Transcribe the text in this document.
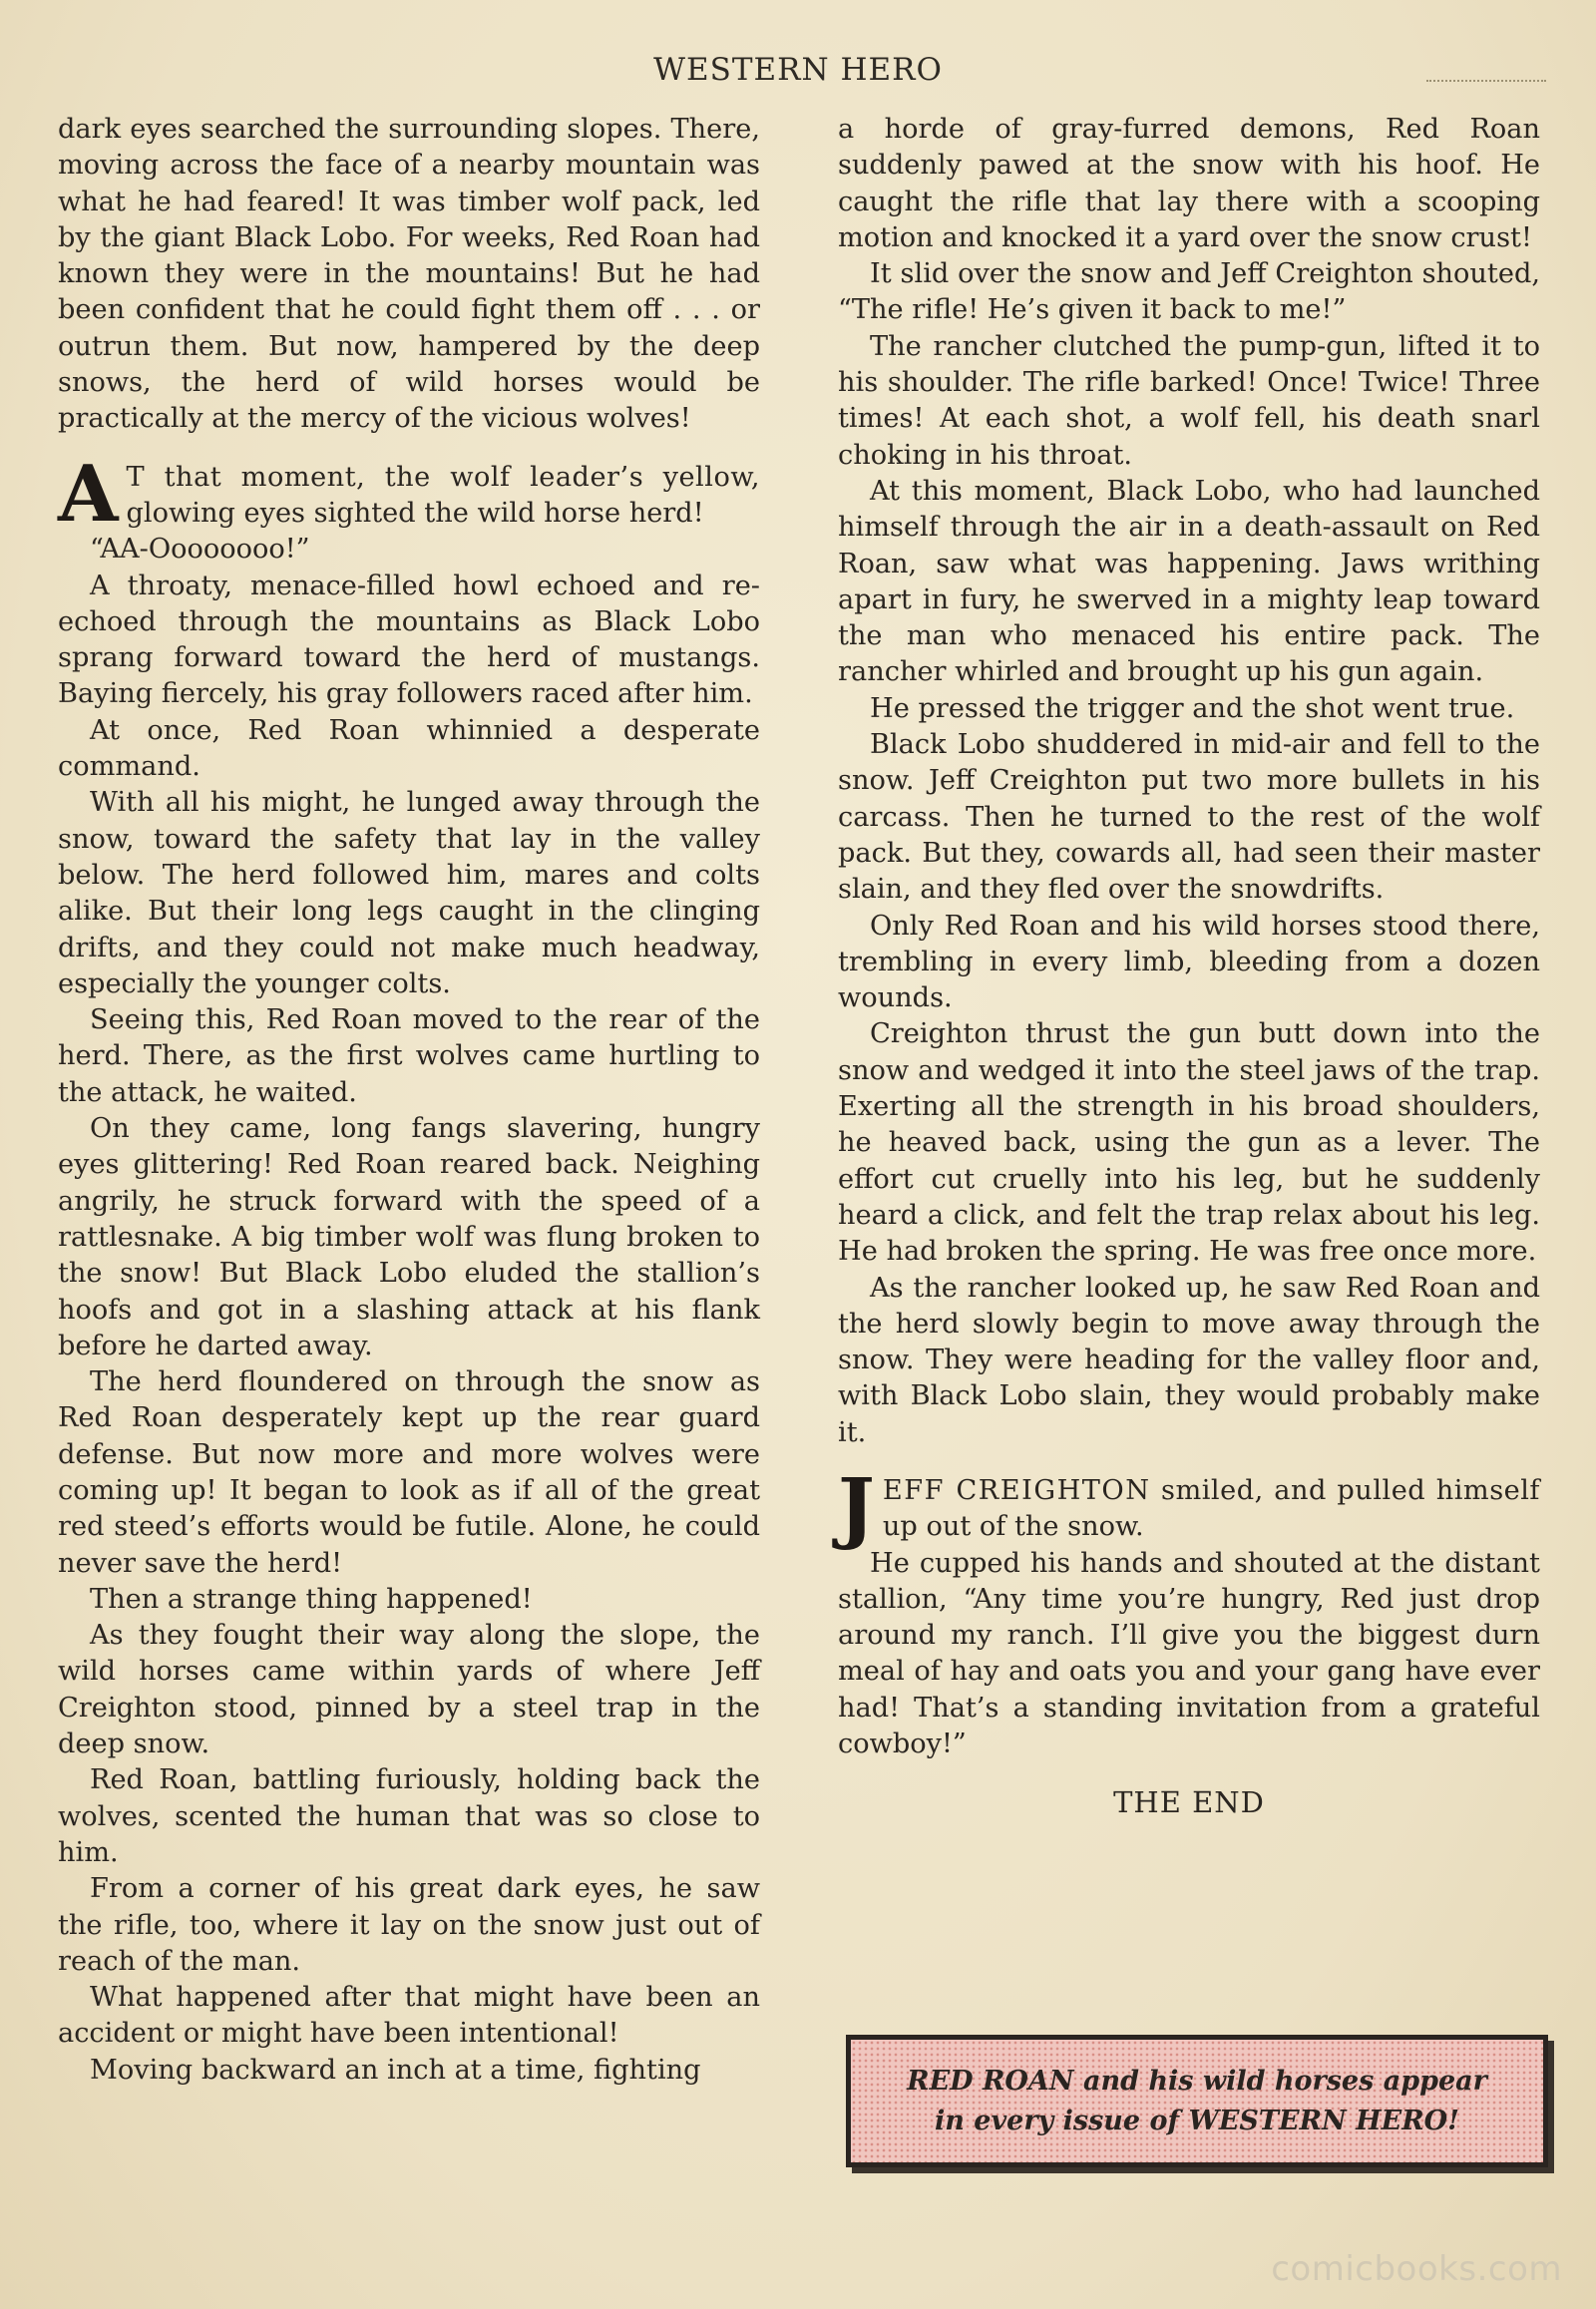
WESTERN HERO

dark eyes searched the surrounding slopes. There, moving across the face of a nearby mountain was what he had feared! It was timber wolf pack, led by the giant Black Lobo. For weeks, Red Roan had known they were in the mountains! But he had been confident that he could fight them off . . . or outrun them. But now, hampered by the deep snows, the herd of wild horses would be practically at the mercy of the vicious wolves!

A T that moment, the wolf leader’s yellow, glowing eyes sighted the wild horse herd!

“AA-Oooooooo!”

A throaty, menace-filled howl echoed and re-echoed through the mountains as Black Lobo sprang forward toward the herd of mustangs. Baying fiercely, his gray followers raced after him.

At once, Red Roan whinnied a desperate command.

With all his might, he lunged away through the snow, toward the safety that lay in the valley below. The herd followed him, mares and colts alike. But their long legs caught in the clinging drifts, and they could not make much headway, especially the younger colts.

Seeing this, Red Roan moved to the rear of the herd. There, as the first wolves came hurtling to the attack, he waited.

On they came, long fangs slavering, hungry eyes glittering! Red Roan reared back. Neighing angrily, he struck forward with the speed of a rattlesnake. A big timber wolf was flung broken to the snow! But Black Lobo eluded the stallion’s hoofs and got in a slashing attack at his flank before he darted away.

The herd floundered on through the snow as Red Roan desperately kept up the rear guard defense. But now more and more wolves were coming up! It began to look as if all of the great red steed’s efforts would be futile. Alone, he could never save the herd!

Then a strange thing happened!

As they fought their way along the slope, the wild horses came within yards of where Jeff Creighton stood, pinned by a steel trap in the deep snow.

Red Roan, battling furiously, holding back the wolves, scented the human that was so close to him.

From a corner of his great dark eyes, he saw the rifle, too, where it lay on the snow just out of reach of the man.

What happened after that might have been an accident or might have been intentional!

Moving backward an inch at a time, fighting

a horde of gray-furred demons, Red Roan suddenly pawed at the snow with his hoof. He caught the rifle that lay there with a scooping motion and knocked it a yard over the snow crust!

It slid over the snow and Jeff Creighton shouted, “The rifle! He’s given it back to me!”

The rancher clutched the pump-gun, lifted it to his shoulder. The rifle barked! Once! Twice! Three times! At each shot, a wolf fell, his death snarl choking in his throat.

At this moment, Black Lobo, who had launched himself through the air in a death-assault on Red Roan, saw what was happening. Jaws writhing apart in fury, he swerved in a mighty leap toward the man who menaced his entire pack. The rancher whirled and brought up his gun again.

He pressed the trigger and the shot went true.

Black Lobo shuddered in mid-air and fell to the snow. Jeff Creighton put two more bullets in his carcass. Then he turned to the rest of the wolf pack. But they, cowards all, had seen their master slain, and they fled over the snowdrifts.

Only Red Roan and his wild horses stood there, trembling in every limb, bleeding from a dozen wounds.

Creighton thrust the gun butt down into the snow and wedged it into the steel jaws of the trap. Exerting all the strength in his broad shoulders, he heaved back, using the gun as a lever. The effort cut cruelly into his leg, but he suddenly heard a click, and felt the trap relax about his leg. He had broken the spring. He was free once more.

As the rancher looked up, he saw Red Roan and the herd slowly begin to move away through the snow. They were heading for the valley floor and, with Black Lobo slain, they would probably make it.

JEFF CREIGHTON smiled, and pulled himself up out of the snow.

He cupped his hands and shouted at the distant stallion, “Any time you’re hungry, Red just drop around my ranch. I’ll give you the biggest durn meal of hay and oats you and your gang have ever had! That’s a standing invitation from a grateful cowboy!”

THE END

RED ROAN and his wild horses appear
in every issue of WESTERN HERO!

comicbooks.com
